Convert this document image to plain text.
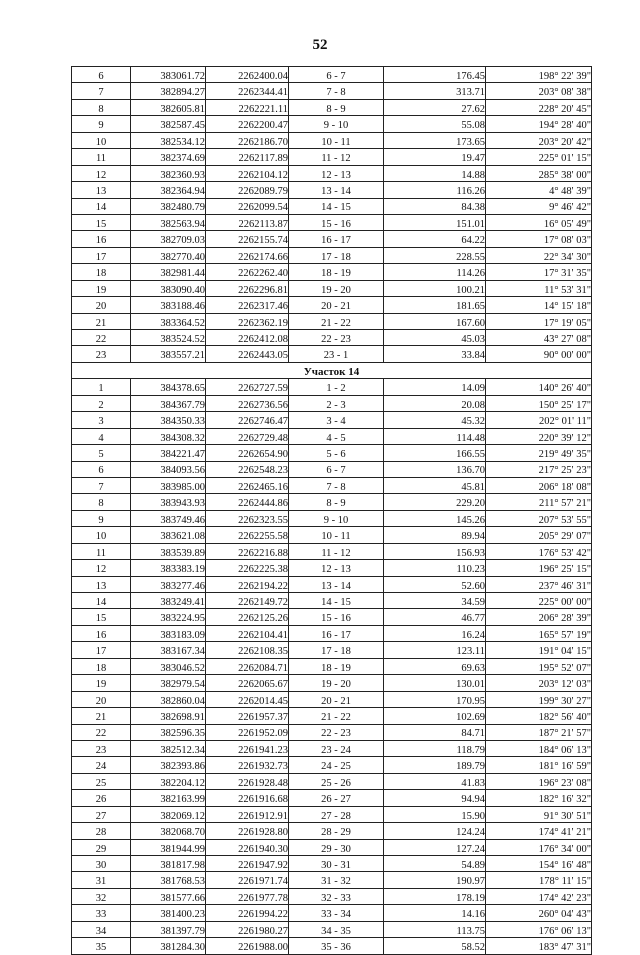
52
6	383061.72	2262400.04	6 - 7	176.45	198° 22' 39"
7	382894.27	2262344.41	7 - 8	313.71	203° 08' 38"
8	382605.81	2262221.11	8 - 9	27.62	228° 20' 45"
9	382587.45	2262200.47	9 - 10	55.08	194° 28' 40"
10	382534.12	2262186.70	10 - 11	173.65	203° 20' 42"
11	382374.69	2262117.89	11 - 12	19.47	225° 01' 15"
12	382360.93	2262104.12	12 - 13	14.88	285° 38' 00"
13	382364.94	2262089.79	13 - 14	116.26	4° 48' 39"
14	382480.79	2262099.54	14 - 15	84.38	9° 46' 42"
15	382563.94	2262113.87	15 - 16	151.01	16° 05' 49"
16	382709.03	2262155.74	16 - 17	64.22	17° 08' 03"
17	382770.40	2262174.66	17 - 18	228.55	22° 34' 30"
18	382981.44	2262262.40	18 - 19	114.26	17° 31' 35"
19	383090.40	2262296.81	19 - 20	100.21	11° 53' 31"
20	383188.46	2262317.46	20 - 21	181.65	14° 15' 18"
21	383364.52	2262362.19	21 - 22	167.60	17° 19' 05"
22	383524.52	2262412.08	22 - 23	45.03	43° 27' 08"
23	383557.21	2262443.05	23 - 1	33.84	90° 00' 00"
Участок 14					
1	384378.65	2262727.59	1 - 2	14.09	140° 26' 40"
2	384367.79	2262736.56	2 - 3	20.08	150° 25' 17"
3	384350.33	2262746.47	3 - 4	45.32	202° 01' 11"
4	384308.32	2262729.48	4 - 5	114.48	220° 39' 12"
5	384221.47	2262654.90	5 - 6	166.55	219° 49' 35"
6	384093.56	2262548.23	6 - 7	136.70	217° 25' 23"
7	383985.00	2262465.16	7 - 8	45.81	206° 18' 08"
8	383943.93	2262444.86	8 - 9	229.20	211° 57' 21"
9	383749.46	2262323.55	9 - 10	145.26	207° 53' 55"
10	383621.08	2262255.58	10 - 11	89.94	205° 29' 07"
11	383539.89	2262216.88	11 - 12	156.93	176° 53' 42"
12	383383.19	2262225.38	12 - 13	110.23	196° 25' 15"
13	383277.46	2262194.22	13 - 14	52.60	237° 46' 31"
14	383249.41	2262149.72	14 - 15	34.59	225° 00' 00"
15	383224.95	2262125.26	15 - 16	46.77	206° 28' 39"
16	383183.09	2262104.41	16 - 17	16.24	165° 57' 19"
17	383167.34	2262108.35	17 - 18	123.11	191° 04' 15"
18	383046.52	2262084.71	18 - 19	69.63	195° 52' 07"
19	382979.54	2262065.67	19 - 20	130.01	203° 12' 03"
20	382860.04	2262014.45	20 - 21	170.95	199° 30' 27"
21	382698.91	2261957.37	21 - 22	102.69	182° 56' 40"
22	382596.35	2261952.09	22 - 23	84.71	187° 21' 57"
23	382512.34	2261941.23	23 - 24	118.79	184° 06' 13"
24	382393.86	2261932.73	24 - 25	189.79	181° 16' 59"
25	382204.12	2261928.48	25 - 26	41.83	196° 23' 08"
26	382163.99	2261916.68	26 - 27	94.94	182° 16' 32"
27	382069.12	2261912.91	27 - 28	15.90	91° 30' 51"
28	382068.70	2261928.80	28 - 29	124.24	174° 41' 21"
29	381944.99	2261940.30	29 - 30	127.24	176° 34' 00"
30	381817.98	2261947.92	30 - 31	54.89	154° 16' 48"
31	381768.53	2261971.74	31 - 32	190.97	178° 11' 15"
32	381577.66	2261977.78	32 - 33	178.19	174° 42' 23"
33	381400.23	2261994.22	33 - 34	14.16	260° 04' 43"
34	381397.79	2261980.27	34 - 35	113.75	176° 06' 13"
35	381284.30	2261988.00	35 - 36	58.52	183° 47' 31"
